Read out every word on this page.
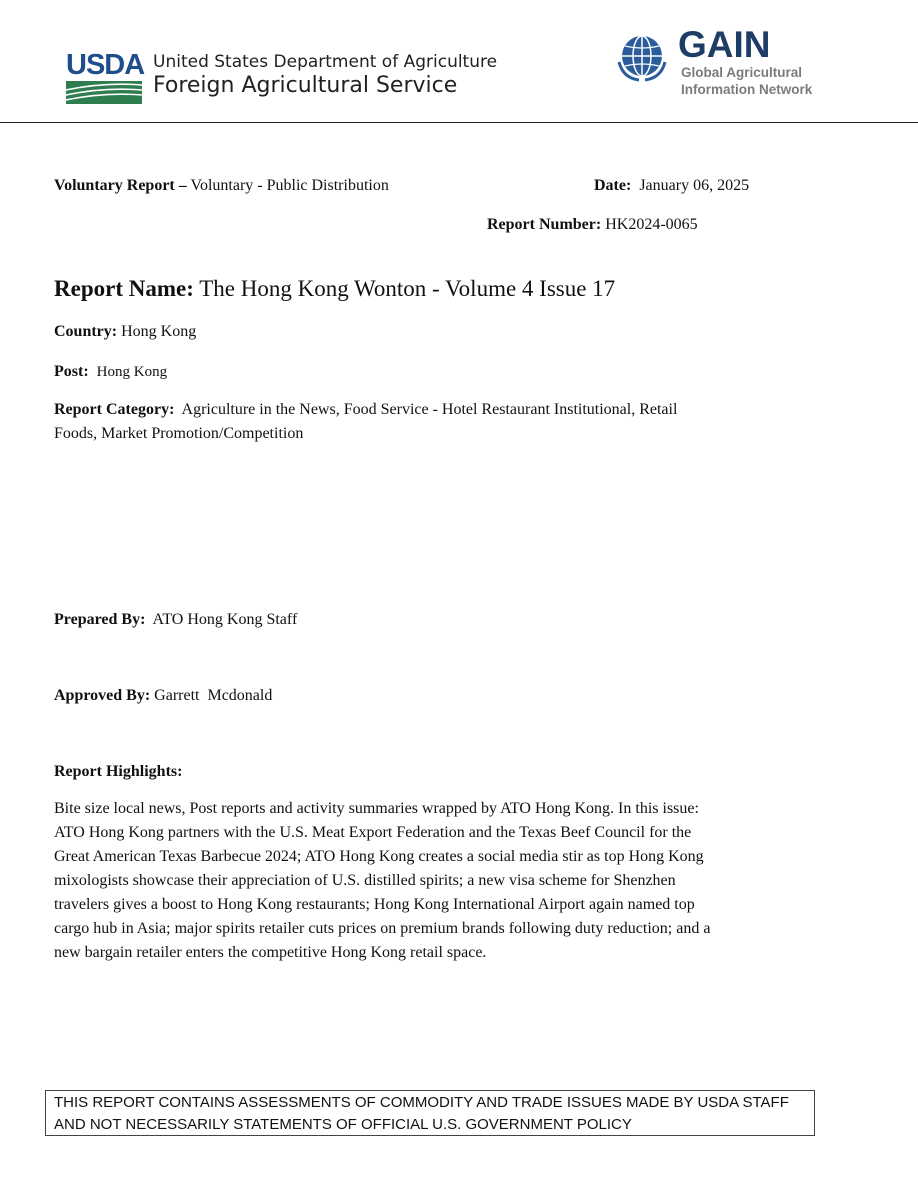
USDA United States Department of Agriculture
Foreign Agricultural Service
GAIN
Global Agricultural
Information Network
Voluntary Report – Voluntary - Public Distribution	Date: January 06, 2025
Report Number: HK2024-0065
Report Name: The Hong Kong Wonton - Volume 4 Issue 17
Country: Hong Kong
Post: Hong Kong
Report Category: Agriculture in the News, Food Service - Hotel Restaurant Institutional, Retail
Foods, Market Promotion/Competition
Prepared By: ATO Hong Kong Staff
Approved By: Garrett  Mcdonald
Report Highlights:
Bite size local news, Post reports and activity summaries wrapped by ATO Hong Kong. In this issue:
ATO Hong Kong partners with the U.S. Meat Export Federation and the Texas Beef Council for the
Great American Texas Barbecue 2024; ATO Hong Kong creates a social media stir as top Hong Kong
mixologists showcase their appreciation of U.S. distilled spirits; a new visa scheme for Shenzhen
travelers gives a boost to Hong Kong restaurants; Hong Kong International Airport again named top
cargo hub in Asia; major spirits retailer cuts prices on premium brands following duty reduction; and a
new bargain retailer enters the competitive Hong Kong retail space.
THIS REPORT CONTAINS ASSESSMENTS OF COMMODITY AND TRADE ISSUES MADE BY USDA STAFF
AND NOT NECESSARILY STATEMENTS OF OFFICIAL U.S. GOVERNMENT POLICY
